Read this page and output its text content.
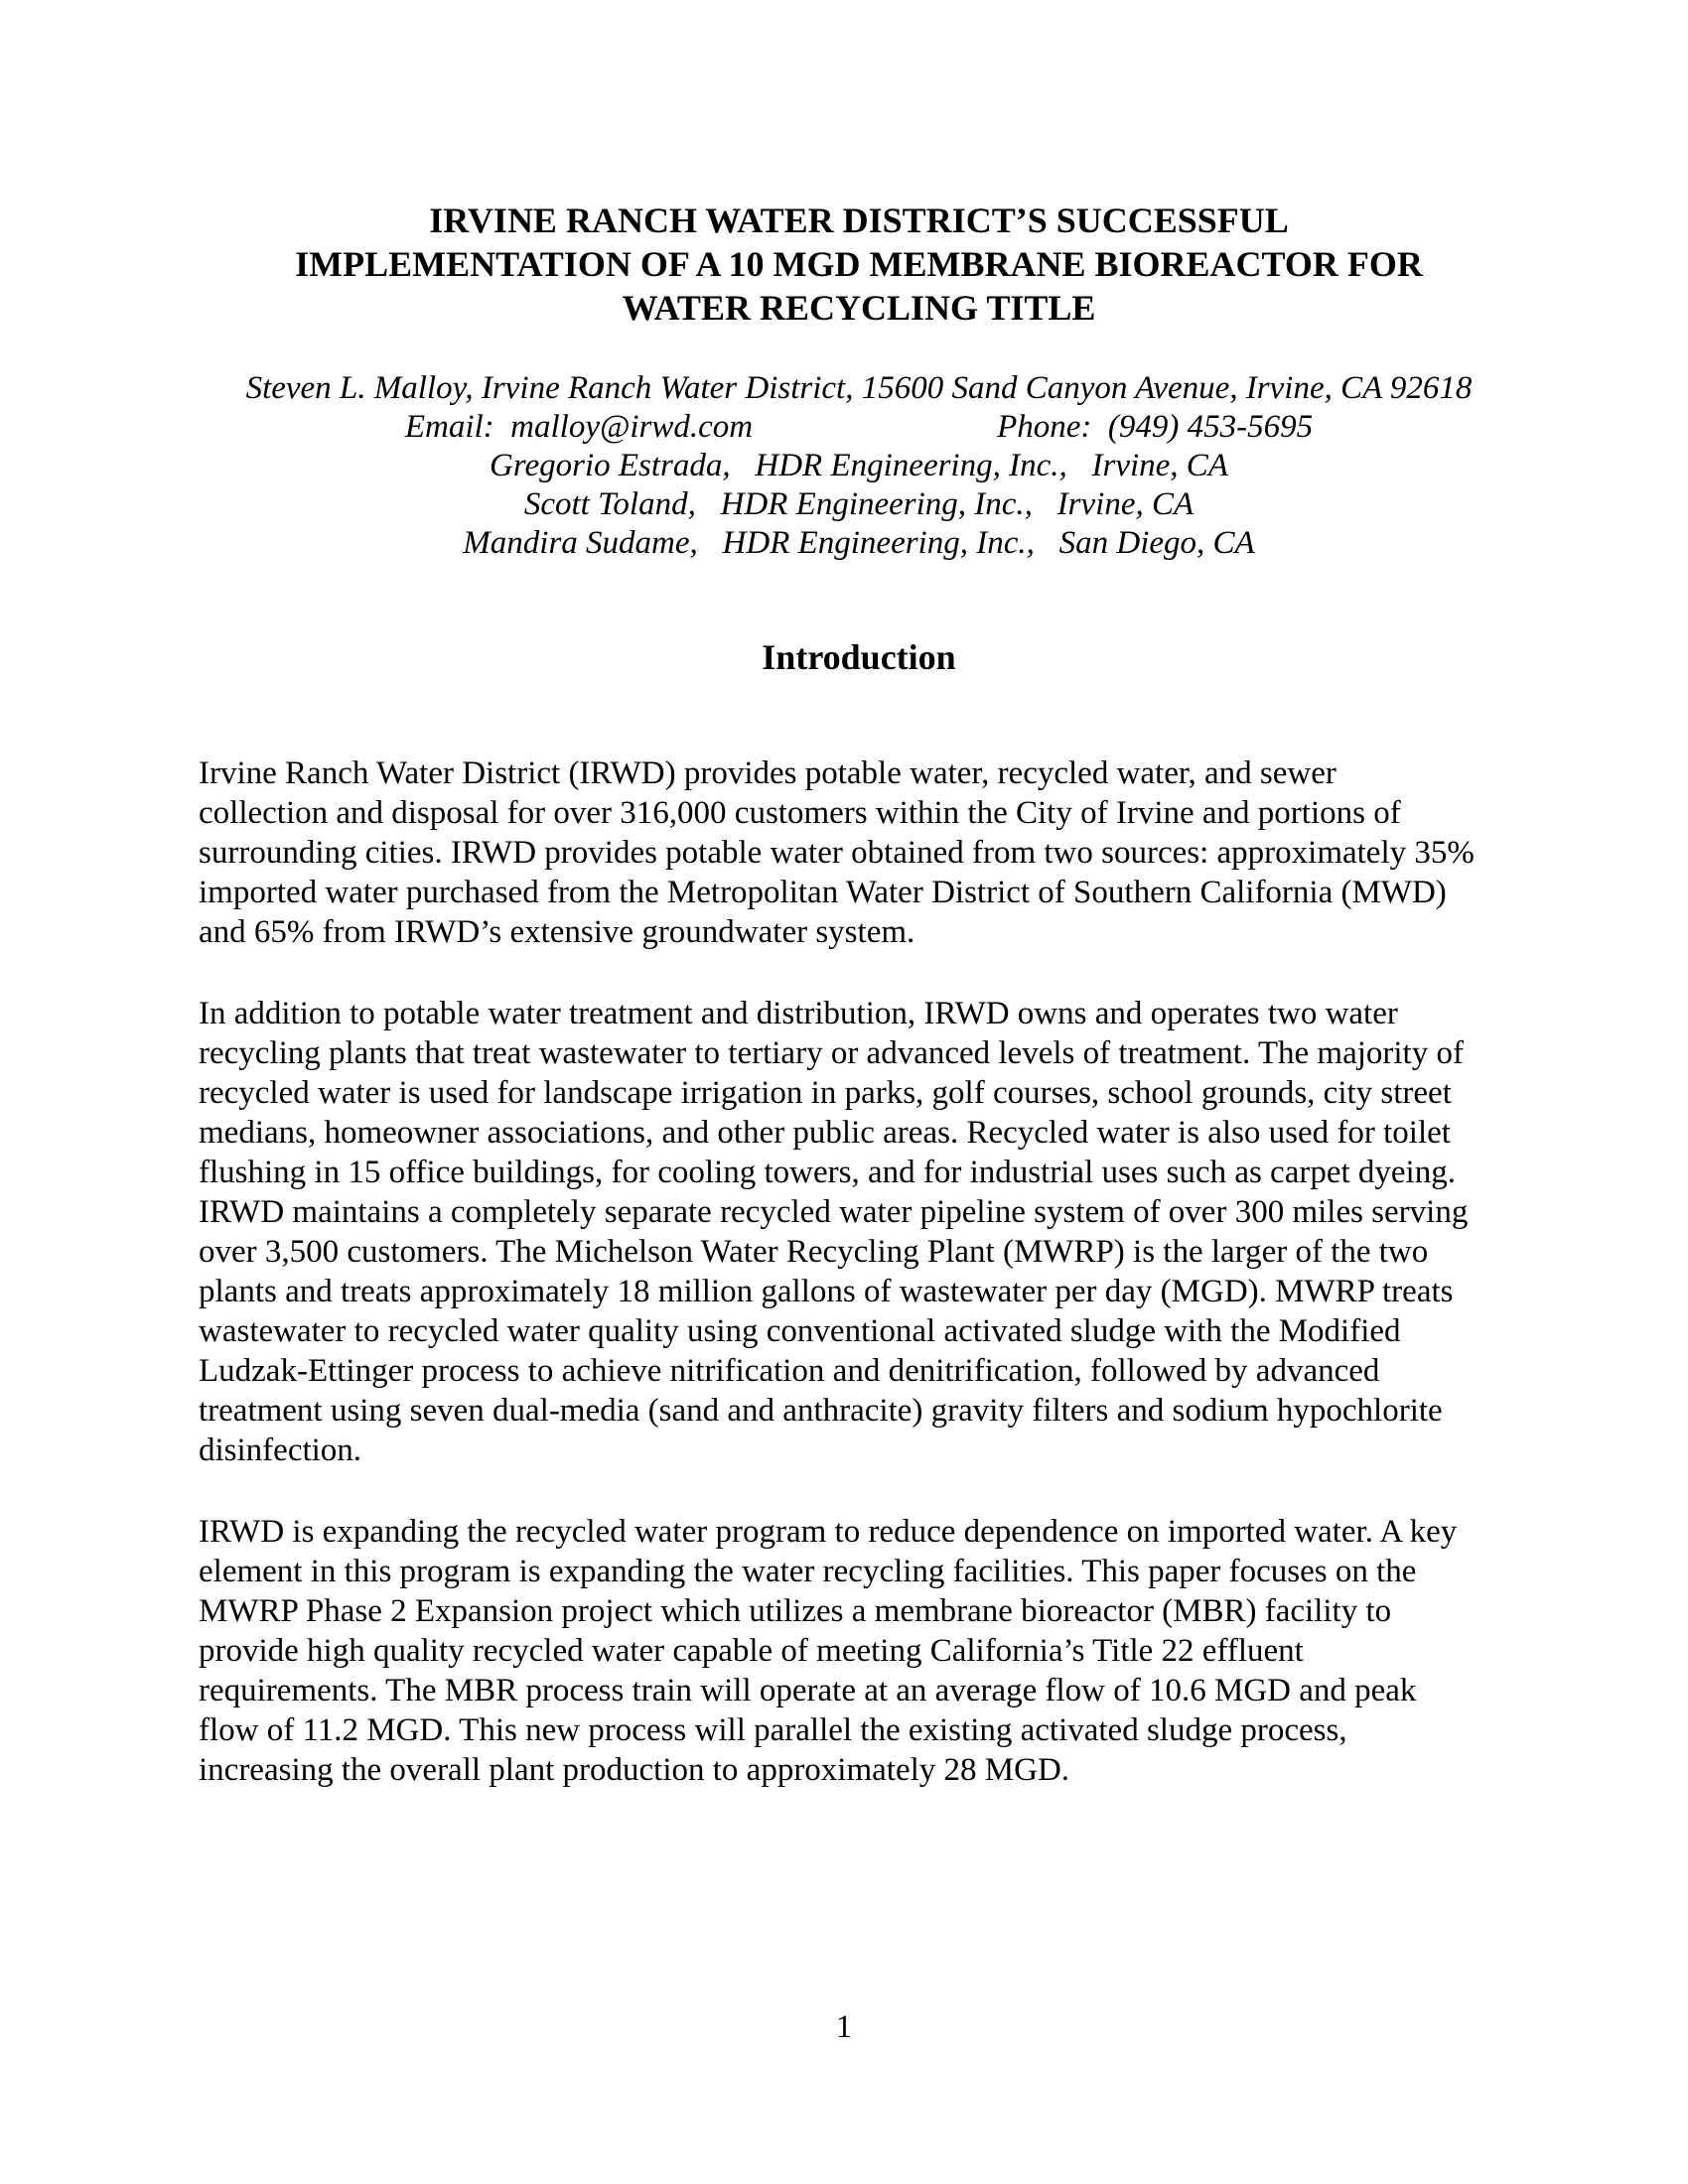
IRVINE RANCH WATER DISTRICT’S SUCCESSFUL
IMPLEMENTATION OF A 10 MGD MEMBRANE BIOREACTOR FOR
WATER RECYCLING TITLE
Steven L. Malloy, Irvine Ranch Water District, 15600 Sand Canyon Avenue, Irvine, CA 92618
Email:  malloy@irwd.com	Phone:  (949) 453-5695
Gregorio Estrada,   HDR Engineering, Inc.,   Irvine, CA
Scott Toland,   HDR Engineering, Inc.,   Irvine, CA
Mandira Sudame,   HDR Engineering, Inc.,   San Diego, CA
Introduction
Irvine Ranch Water District (IRWD) provides potable water, recycled water, and sewer
collection and disposal for over 316,000 customers within the City of Irvine and portions of
surrounding cities. IRWD provides potable water obtained from two sources: approximately 35%
imported water purchased from the Metropolitan Water District of Southern California (MWD)
and 65% from IRWD’s extensive groundwater system.
In addition to potable water treatment and distribution, IRWD owns and operates two water
recycling plants that treat wastewater to tertiary or advanced levels of treatment. The majority of
recycled water is used for landscape irrigation in parks, golf courses, school grounds, city street
medians, homeowner associations, and other public areas. Recycled water is also used for toilet
flushing in 15 office buildings, for cooling towers, and for industrial uses such as carpet dyeing.
IRWD maintains a completely separate recycled water pipeline system of over 300 miles serving
over 3,500 customers. The Michelson Water Recycling Plant (MWRP) is the larger of the two
plants and treats approximately 18 million gallons of wastewater per day (MGD). MWRP treats
wastewater to recycled water quality using conventional activated sludge with the Modified
Ludzak-Ettinger process to achieve nitrification and denitrification, followed by advanced
treatment using seven dual-media (sand and anthracite) gravity filters and sodium hypochlorite
disinfection.
IRWD is expanding the recycled water program to reduce dependence on imported water. A key
element in this program is expanding the water recycling facilities. This paper focuses on the
MWRP Phase 2 Expansion project which utilizes a membrane bioreactor (MBR) facility to
provide high quality recycled water capable of meeting California’s Title 22 effluent
requirements. The MBR process train will operate at an average flow of 10.6 MGD and peak
flow of 11.2 MGD. This new process will parallel the existing activated sludge process,
increasing the overall plant production to approximately 28 MGD.
1
